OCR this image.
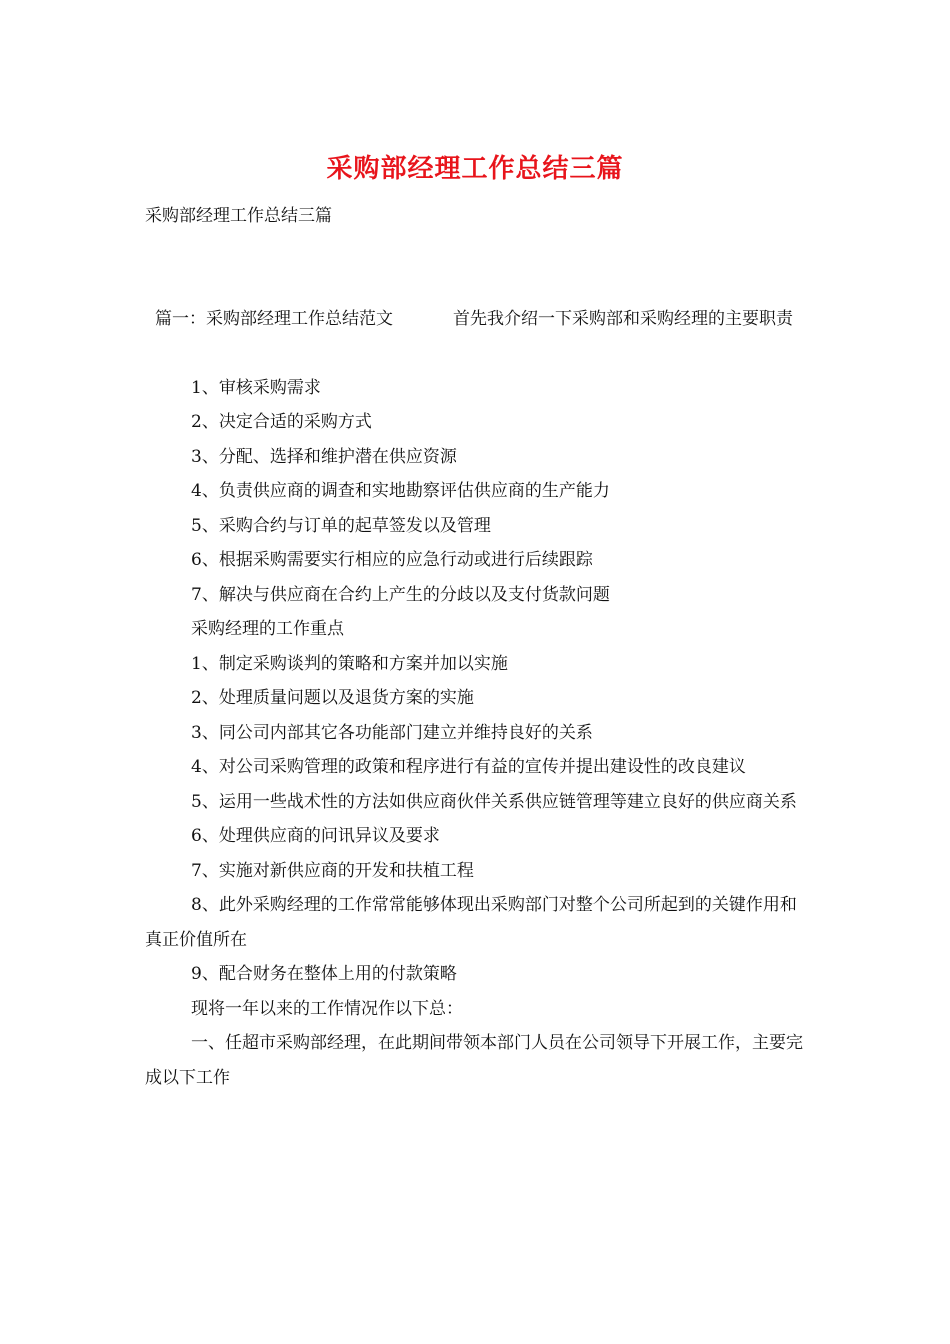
采购部经理工作总结三篇
采购部经理工作总结三篇

篇一：采购部经理工作总结范文	首先我介绍一下采购部和采购经理的主要职责

1、审核采购需求

2、决定合适的采购方式

3、分配、选择和维护潜在供应资源

4、负责供应商的调查和实地勘察评估供应商的生产能力

5、采购合约与订单的起草签发以及管理

6、根据采购需要实行相应的应急行动或进行后续跟踪

7、解决与供应商在合约上产生的分歧以及支付货款问题

采购经理的工作重点

1、制定采购谈判的策略和方案并加以实施

2、处理质量问题以及退货方案的实施

3、同公司内部其它各功能部门建立并维持良好的关系

4、对公司采购管理的政策和程序进行有益的宣传并提出建设性的改良建议

5、运用一些战术性的方法如供应商伙伴关系供应链管理等建立良好的供应商关系

6、处理供应商的问讯异议及要求

7、实施对新供应商的开发和扶植工程

8、此外采购经理的工作常常能够体现出采购部门对整个公司所起到的关键作用和真正价值所在

9、配合财务在整体上用的付款策略

现将一年以来的工作情况作以下总：

一、任超市采购部经理，在此期间带领本部门人员在公司领导下开展工作，主要完成以下工作
